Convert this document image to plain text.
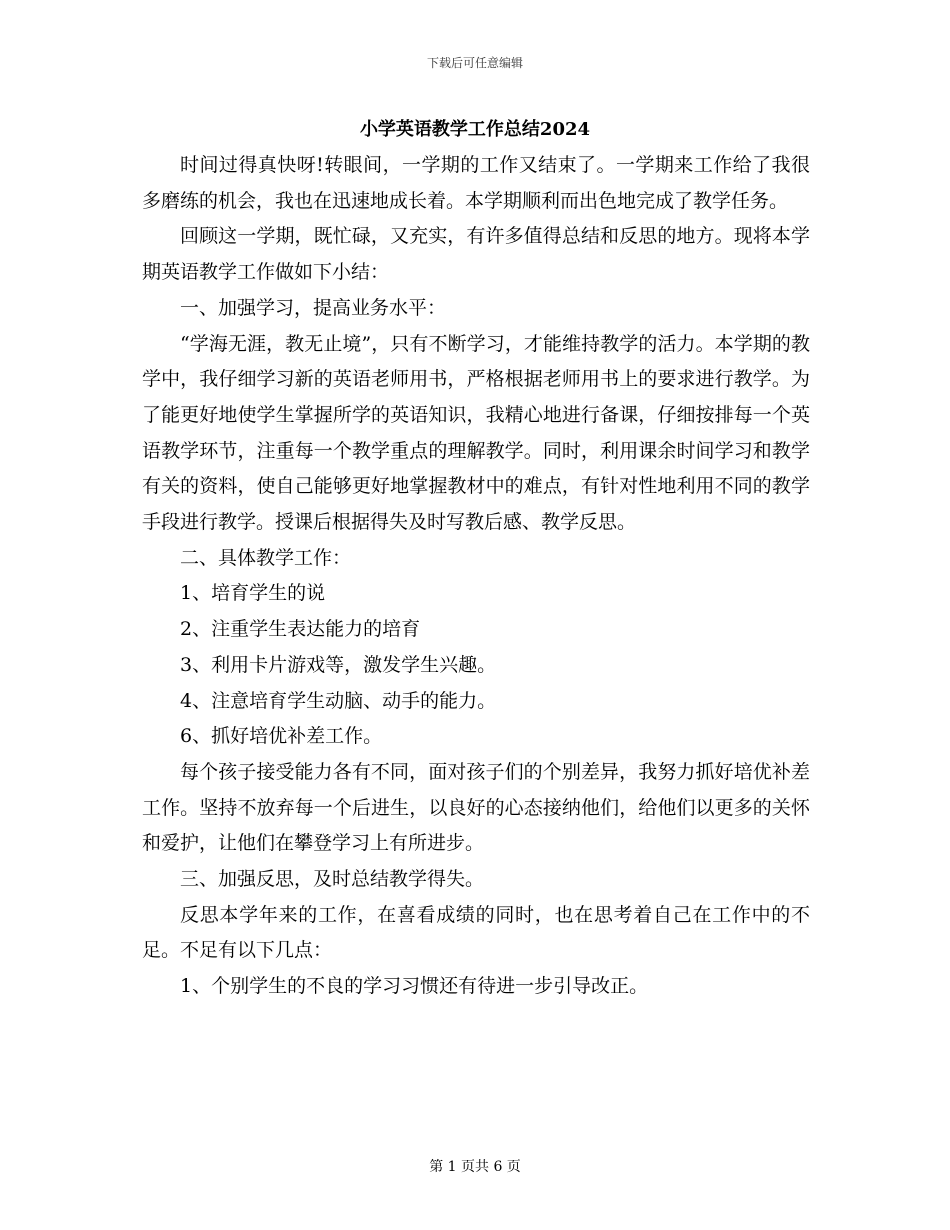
下载后可任意编辑
小学英语教学工作总结2024

时间过得真快呀!转眼间，一学期的工作又结束了。一学期来工作给了我很多磨练的机会，我也在迅速地成长着。本学期顺利而出色地完成了教学任务。

回顾这一学期，既忙碌，又充实，有许多值得总结和反思的地方。现将本学期英语教学工作做如下小结：

一、加强学习，提高业务水平：

“学海无涯，教无止境”，只有不断学习，才能维持教学的活力。本学期的教学中，我仔细学习新的英语老师用书，严格根据老师用书上的要求进行教学。为了能更好地使学生掌握所学的英语知识，我精心地进行备课，仔细按排每一个英语教学环节，注重每一个教学重点的理解教学。同时，利用课余时间学习和教学有关的资料，使自己能够更好地掌握教材中的难点，有针对性地利用不同的教学手段进行教学。授课后根据得失及时写教后感、教学反思。

二、具体教学工作：

1、培育学生的说

2、注重学生表达能力的培育

3、利用卡片游戏等，激发学生兴趣。

4、注意培育学生动脑、动手的能力。

6、抓好培优补差工作。

每个孩子接受能力各有不同，面对孩子们的个别差异，我努力抓好培优补差工作。坚持不放弃每一个后进生，以良好的心态接纳他们，给他们以更多的关怀和爱护，让他们在攀登学习上有所进步。

三、加强反思，及时总结教学得失。

反思本学年来的工作，在喜看成绩的同时，也在思考着自己在工作中的不足。不足有以下几点：

1、个别学生的不良的学习习惯还有待进一步引导改正。

第 1 页共 6 页
